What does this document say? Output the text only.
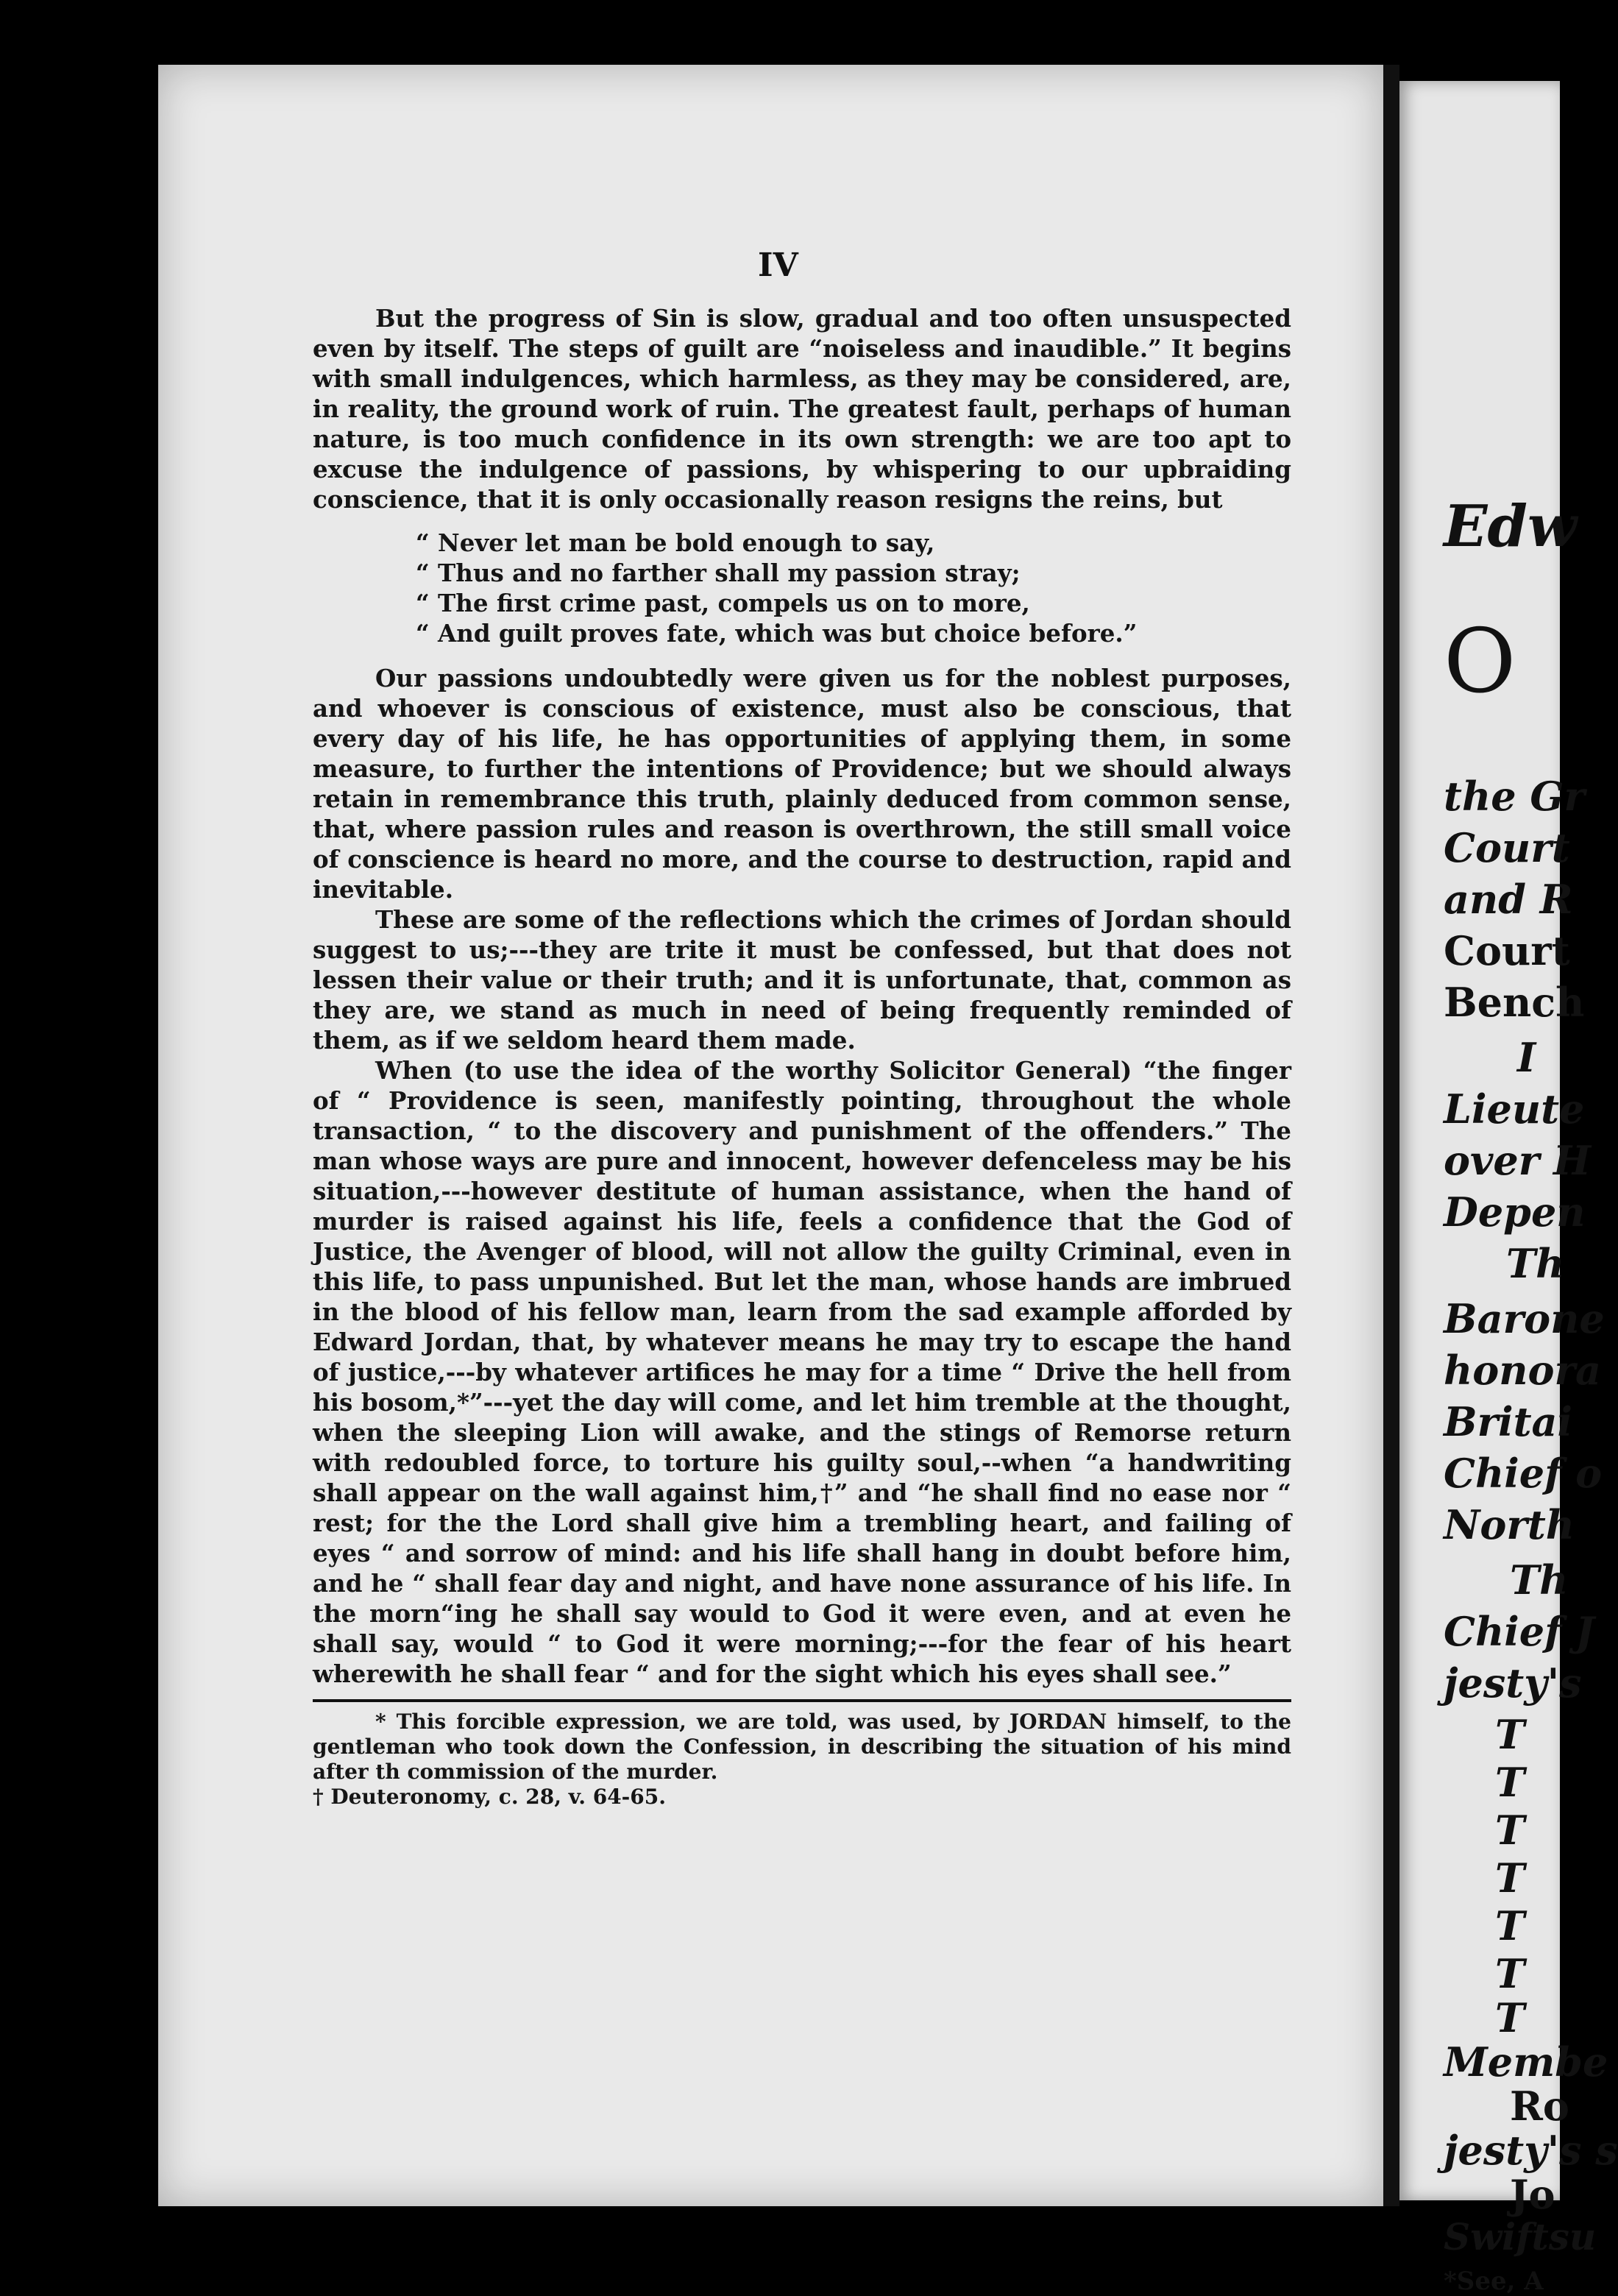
IV

But the progress of Sin is slow, gradual and too often unsuspected even by itself. The steps of guilt are “noiseless and inaudible.” It begins with small indulgences, which harmless, as they may be considered, are, in reality, the ground work of ruin. The greatest fault, perhaps of human nature, is too much confidence in its own strength: we are too apt to excuse the indulgence of passions, by whispering to our upbraiding conscience, that it is only occasionally reason resigns the reins, but

“ Never let man be bold enough to say,
“ Thus and no farther shall my passion stray;
“ The first crime past, compels us on to more,
“ And guilt proves fate, which was but choice before.”

Our passions undoubtedly were given us for the noblest purposes, and whoever is conscious of existence, must also be conscious, that every day of his life, he has opportunities of applying them, in some measure, to further the intentions of Providence; but we should always retain in remembrance this truth, plainly deduced from common sense, that, where passion rules and reason is overthrown, the still small voice of conscience is heard no more, and the course to destruction, rapid and inevitable.

These are some of the reflections which the crimes of Jordan should suggest to us;---they are trite it must be confessed, but that does not lessen their value or their truth; and it is unfortunate, that, common as they are, we stand as much in need of being frequently reminded of them, as if we seldom heard them made.

When (to use the idea of the worthy Solicitor General) “the finger of “ Providence is seen, manifestly pointing, throughout the whole transaction, “ to the discovery and punishment of the offenders.” The man whose ways are pure and innocent, however defenceless may be his situation,---however destitute of human assistance, when the hand of murder is raised against his life, feels a confidence that the God of Justice, the Avenger of blood, will not allow the guilty Criminal, even in this life, to pass unpunished. But let the man, whose hands are imbrued in the blood of his fellow man, learn from the sad example afforded by Edward Jordan, that, by whatever means he may try to escape the hand of justice,---by whatever artifices he may for a time “ Drive the hell from his bosom,*”---yet the day will come, and let him tremble at the thought, when the sleeping Lion will awake, and the stings of Remorse return with redoubled force, to torture his guilty soul,--when “a handwriting shall appear on the wall against him,†” and “he shall find no ease nor “ rest; for the the Lord shall give him a trembling heart, and failing of eyes “ and sorrow of mind: and his life shall hang in doubt before him, and he “ shall fear day and night, and have none assurance of his life. In the morn“ing he shall say would to God it were even, and at even he shall say, would “ to God it were morning;---for the fear of his heart wherewith he shall fear “ and for the sight which his eyes shall see.”

* This forcible expression, we are told, was used, by JORDAN himself, to the gentleman who took down the Confession, in describing the situation of his mind after th commission of the murder.

† Deuteronomy, c. 28, v. 64-65.

Edw
O
the Gr
Court
and R
Court
Bench
I
Lieute
over H
Depen
Th
Barone
honora
Britai
Chief o
North
Th
Chief J
jesty's
T
T
T
T
T
T
T
Membe
Ro
jesty's s
Jo
Swiftsu
*See, A
